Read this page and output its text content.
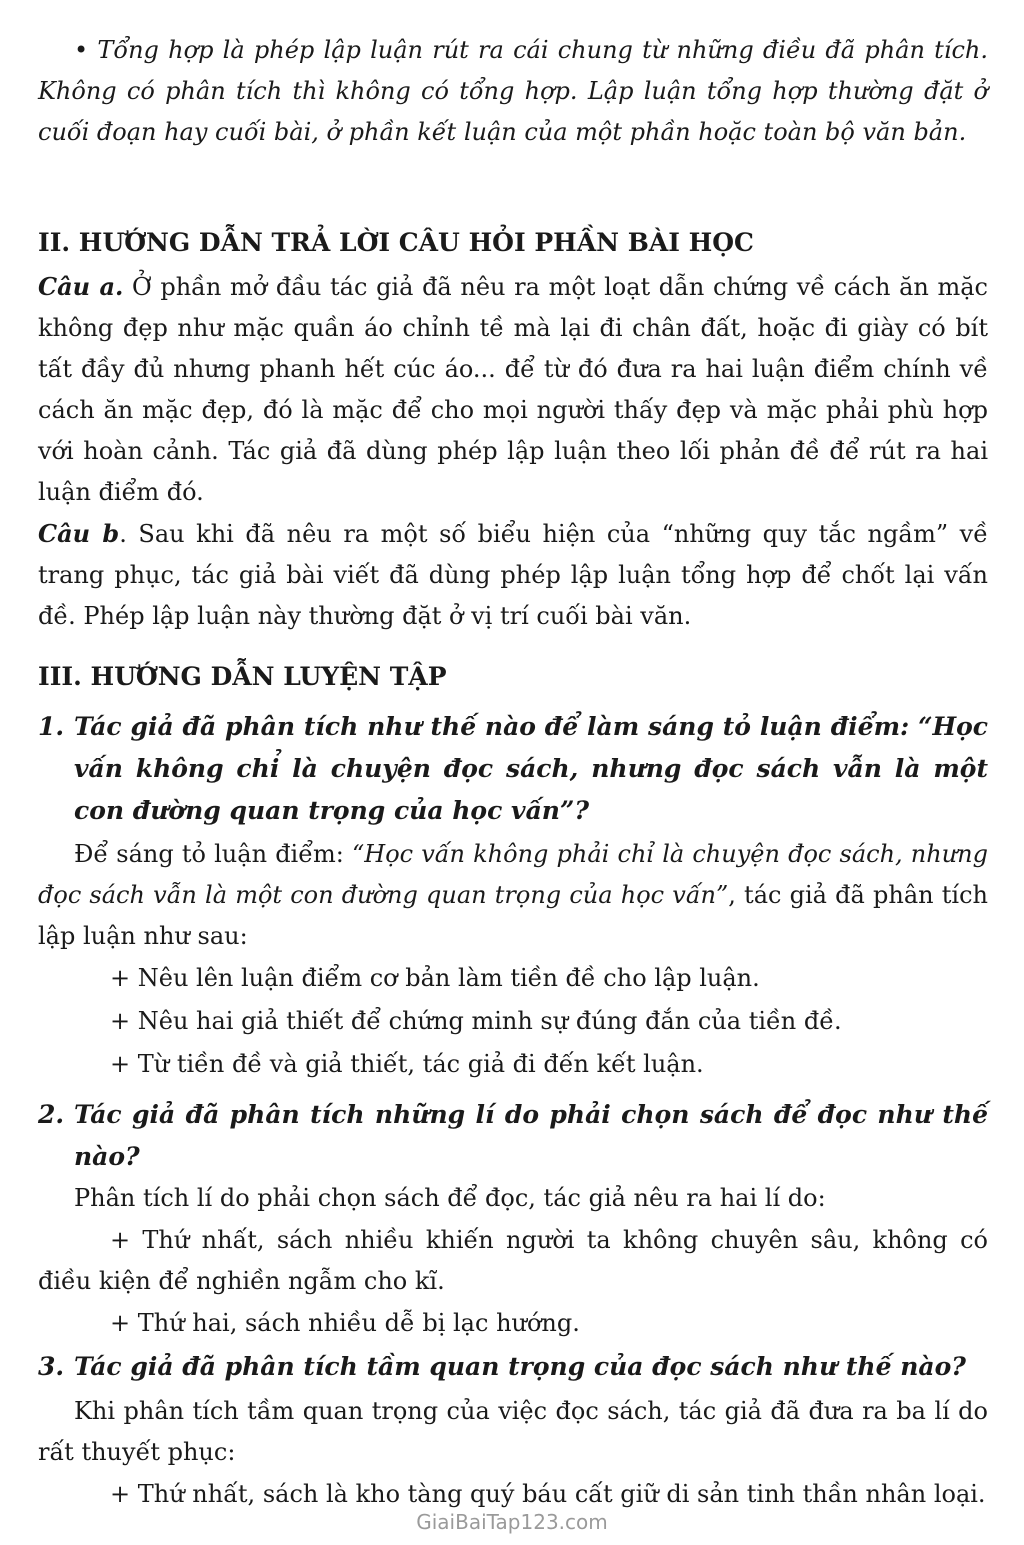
• Tổng hợp là phép lập luận rút ra cái chung từ những điều đã phân tích. Không có phân tích thì không có tổng hợp. Lập luận tổng hợp thường đặt ở cuối đoạn hay cuối bài, ở phần kết luận của một phần hoặc toàn bộ văn bản.

II. HƯỚNG DẪN TRẢ LỜI CÂU HỎI PHẦN BÀI HỌC

Câu a. Ở phần mở đầu tác giả đã nêu ra một loạt dẫn chứng về cách ăn mặc không đẹp như mặc quần áo chỉnh tề mà lại đi chân đất, hoặc đi giày có bít tất đầy đủ nhưng phanh hết cúc áo... để từ đó đưa ra hai luận điểm chính về cách ăn mặc đẹp, đó là mặc để cho mọi người thấy đẹp và mặc phải phù hợp với hoàn cảnh. Tác giả đã dùng phép lập luận theo lối phản đề để rút ra hai luận điểm đó.

Câu b. Sau khi đã nêu ra một số biểu hiện của “những quy tắc ngầm” về trang phục, tác giả bài viết đã dùng phép lập luận tổng hợp để chốt lại vấn đề. Phép lập luận này thường đặt ở vị trí cuối bài văn.

III. HƯỚNG DẪN LUYỆN TẬP
1. Tác giả đã phân tích như thế nào để làm sáng tỏ luận điểm: “Học vấn không chỉ là chuyện đọc sách, nhưng đọc sách vẫn là một con đường quan trọng của học vấn”?

Để sáng tỏ luận điểm: “Học vấn không phải chỉ là chuyện đọc sách, nhưng đọc sách vẫn là một con đường quan trọng của học vấn”, tác giả đã phân tích lập luận như sau:

+ Nêu lên luận điểm cơ bản làm tiền đề cho lập luận.

+ Nêu hai giả thiết để chứng minh sự đúng đắn của tiền đề.

+ Từ tiền đề và giả thiết, tác giả đi đến kết luận.

2. Tác giả đã phân tích những lí do phải chọn sách để đọc như thế nào?

Phân tích lí do phải chọn sách để đọc, tác giả nêu ra hai lí do:

+ Thứ nhất, sách nhiều khiến người ta không chuyên sâu, không có điều kiện để nghiền ngẫm cho kĩ.

+ Thứ hai, sách nhiều dễ bị lạc hướng.

3. Tác giả đã phân tích tầm quan trọng của đọc sách như thế nào?

Khi phân tích tầm quan trọng của việc đọc sách, tác giả đã đưa ra ba lí do rất thuyết phục:

+ Thứ nhất, sách là kho tàng quý báu cất giữ di sản tinh thần nhân loại.

GiaiBaiTap123.com
